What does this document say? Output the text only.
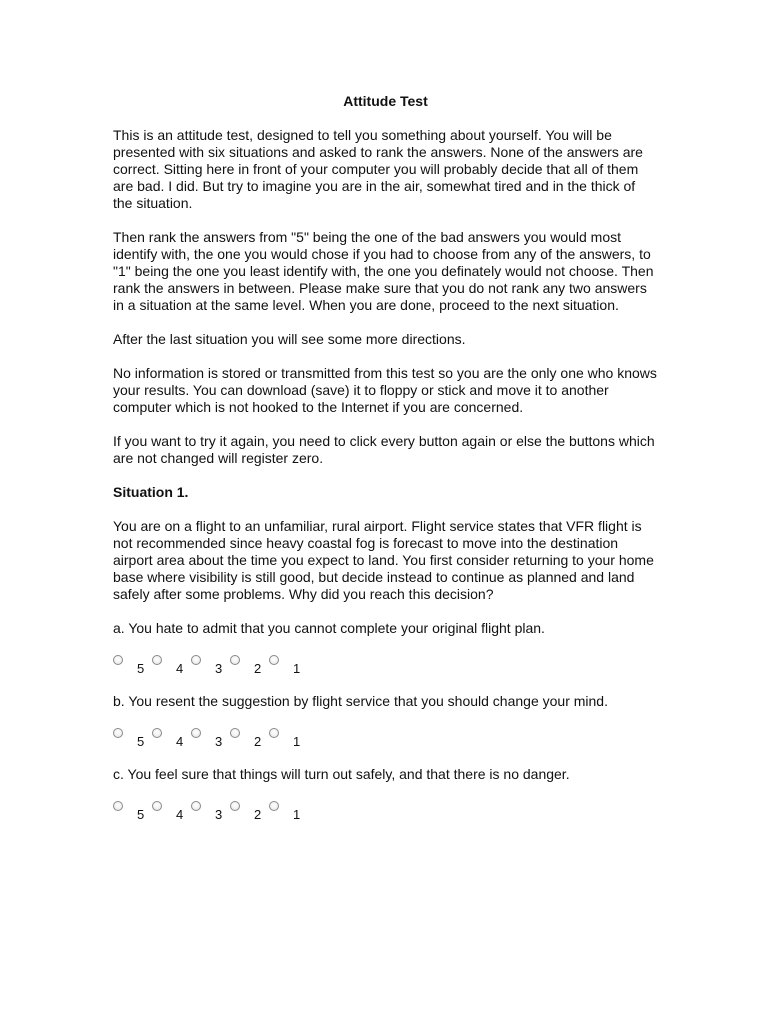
Attitude Test

This is an attitude test, designed to tell you something about yourself. You will be presented with six situations and asked to rank the answers. None of the answers are correct. Sitting here in front of your computer you will probably decide that all of them are bad. I did. But try to imagine you are in the air, somewhat tired and in the thick of the situation.

Then rank the answers from "5" being the one of the bad answers you would most identify with, the one you would chose if you had to choose from any of the answers, to "1" being the one you least identify with, the one you definately would not choose. Then rank the answers in between. Please make sure that you do not rank any two answers in a situation at the same level. When you are done, proceed to the next situation.

After the last situation you will see some more directions.

No information is stored or transmitted from this test so you are the only one who knows your results. You can download (save) it to floppy or stick and move it to another computer which is not hooked to the Internet if you are concerned.

If you want to try it again, you need to click every button again or else the buttons which are not changed will register zero.

Situation 1.

You are on a flight to an unfamiliar, rural airport. Flight service states that VFR flight is not recommended since heavy coastal fog is forecast to move into the destination airport area about the time you expect to land. You first consider returning to your home base where visibility is still good, but decide instead to continue as planned and land safely after some problems. Why did you reach this decision?

a. You hate to admit that you cannot complete your original flight plan.
5 4 3 2 1
b. You resent the suggestion by flight service that you should change your mind.
5 4 3 2 1
c. You feel sure that things will turn out safely, and that there is no danger.
5 4 3 2 1
